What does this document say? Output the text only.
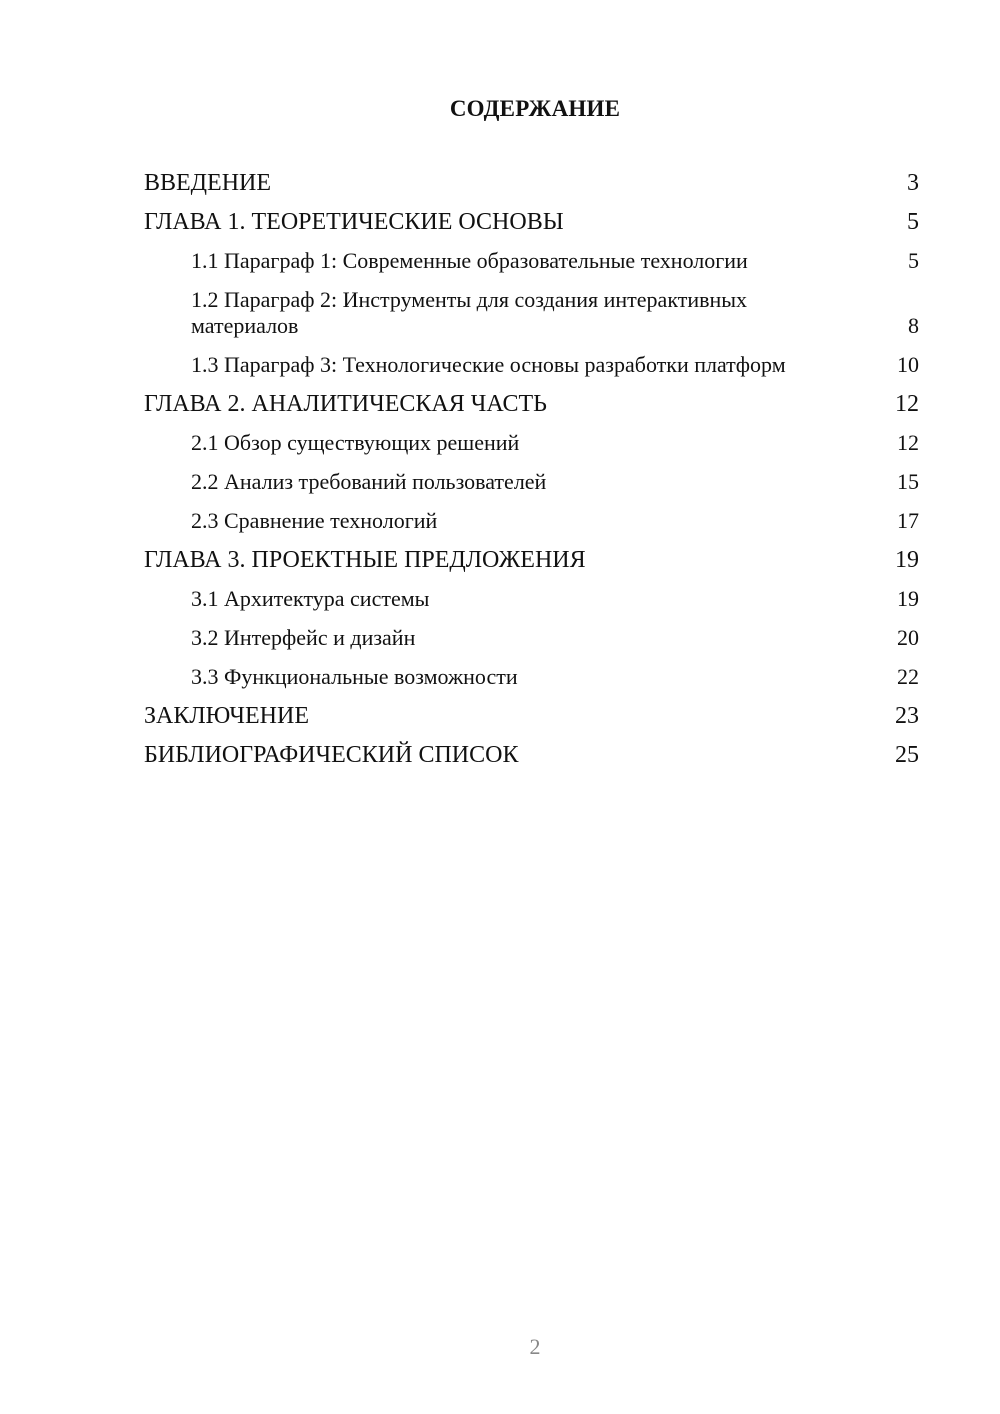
СОДЕРЖАНИЕ
ВВЕДЕНИЕ	3
ГЛАВА 1. ТЕОРЕТИЧЕСКИЕ ОСНОВЫ	5
1.1 Параграф 1: Современные образовательные технологии	5
1.2 Параграф 2: Инструменты для создания интерактивных материалов	8
1.3 Параграф 3: Технологические основы разработки платформ	10
ГЛАВА 2. АНАЛИТИЧЕСКАЯ ЧАСТЬ	12
2.1 Обзор существующих решений	12
2.2 Анализ требований пользователей	15
2.3 Сравнение технологий	17
ГЛАВА 3. ПРОЕКТНЫЕ ПРЕДЛОЖЕНИЯ	19
3.1 Архитектура системы	19
3.2 Интерфейс и дизайн	20
3.3 Функциональные возможности	22
ЗАКЛЮЧЕНИЕ	23
БИБЛИОГРАФИЧЕСКИЙ СПИСОК	25
2
